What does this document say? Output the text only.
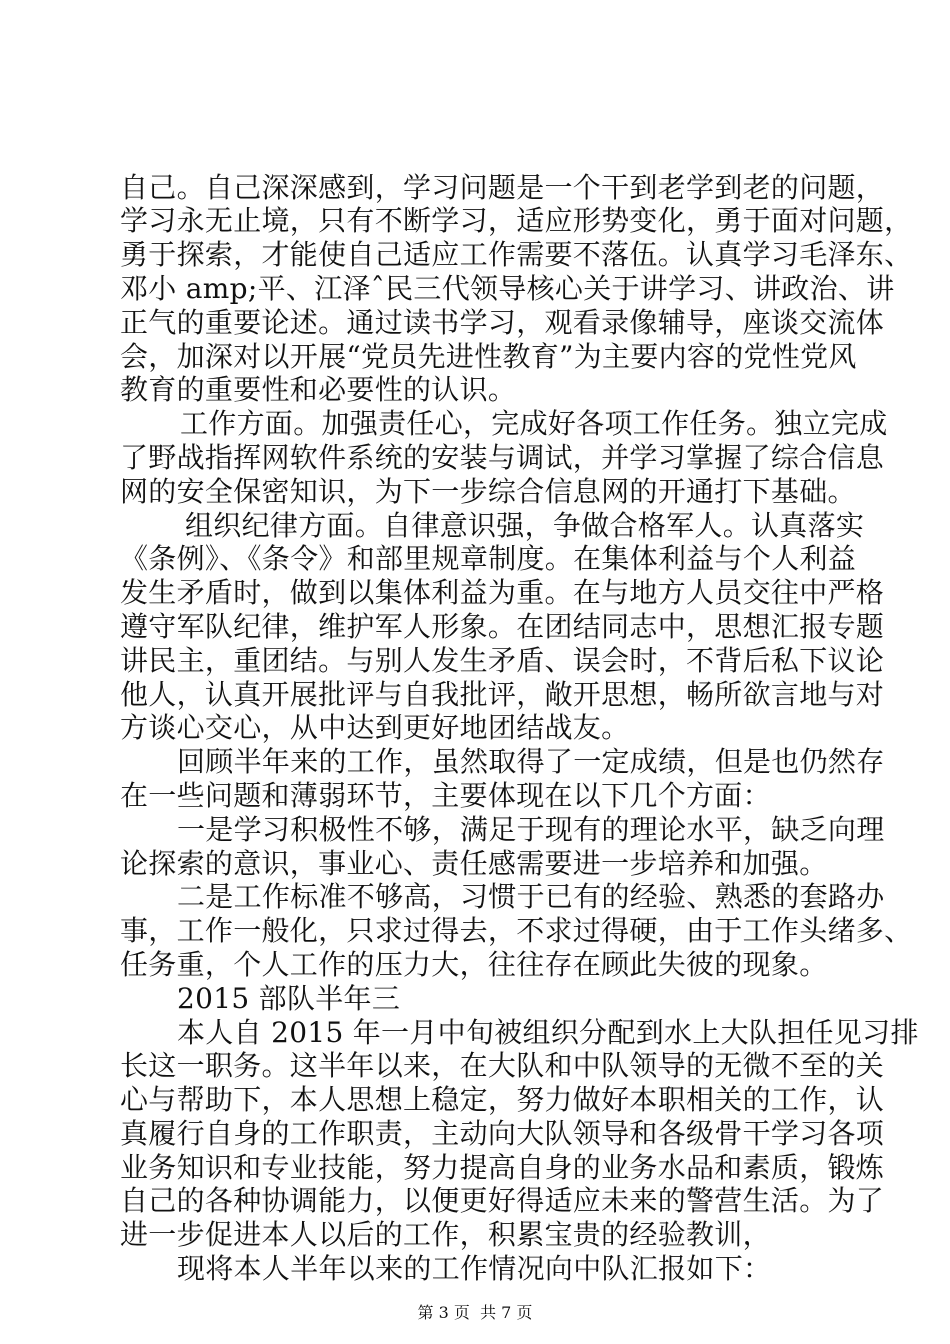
自己。自己深深感到，学习问题是一个干到老学到老的问题，
学习永无止境，只有不断学习，适应形势变化，勇于面对问题，
勇于探索，才能使自己适应工作需要不落伍。认真学习毛泽东、
邓小 amp;平、江泽ˆ民三代领导核心关于讲学习、讲政治、讲
正气的重要论述。通过读书学习，观看录像辅导，座谈交流体
会，加深对以开展“党员先进性教育”为主要内容的党性党风
教育的重要性和必要性的认识。
工作方面。加强责任心，完成好各项工作任务。独立完成
了野战指挥网软件系统的安装与调试，并学习掌握了综合信息
网的安全保密知识，为下一步综合信息网的开通打下基础。
组织纪律方面。自律意识强，争做合格军人。认真落实
《条例》、《条令》和部里规章制度。在集体利益与个人利益
发生矛盾时，做到以集体利益为重。在与地方人员交往中严格
遵守军队纪律，维护军人形象。在团结同志中，思想汇报专题
讲民主，重团结。与别人发生矛盾、误会时，不背后私下议论
他人，认真开展批评与自我批评，敞开思想，畅所欲言地与对
方谈心交心，从中达到更好地团结战友。
回顾半年来的工作，虽然取得了一定成绩，但是也仍然存
在一些问题和薄弱环节，主要体现在以下几个方面：
一是学习积极性不够，满足于现有的理论水平，缺乏向理
论探索的意识，事业心、责任感需要进一步培养和加强。
二是工作标准不够高，习惯于已有的经验、熟悉的套路办
事，工作一般化，只求过得去，不求过得硬，由于工作头绪多、
任务重，个人工作的压力大，往往存在顾此失彼的现象。
2015 部队半年三
本人自 2015 年一月中旬被组织分配到水上大队担任见习排
长这一职务。这半年以来，在大队和中队领导的无微不至的关
心与帮助下，本人思想上稳定，努力做好本职相关的工作，认
真履行自身的工作职责，主动向大队领导和各级骨干学习各项
业务知识和专业技能，努力提高自身的业务水品和素质，锻炼
自己的各种协调能力，以便更好得适应未来的警营生活。为了
进一步促进本人以后的工作，积累宝贵的经验教训，
现将本人半年以来的工作情况向中队汇报如下：
第 3 页  共 7 页
